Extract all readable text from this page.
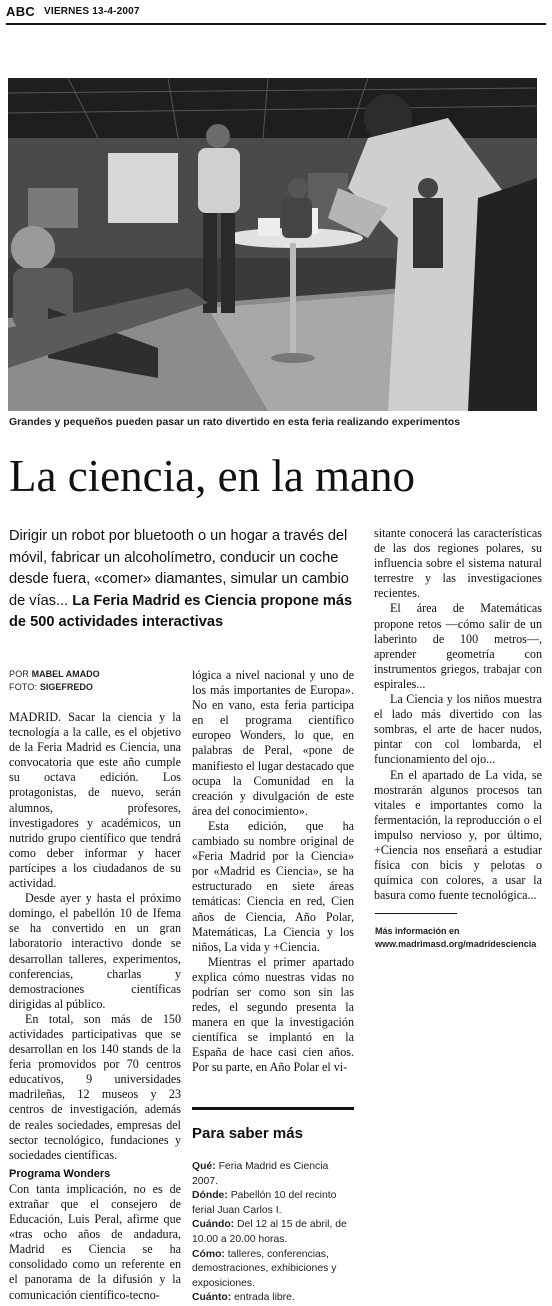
ABC VIERNES 13-4-2007
Grandes y pequeños pueden pasar un rato divertido en esta feria realizando experimentos
La ciencia, en la mano
Dirigir un robot por bluetooth o un hogar a través del móvil, fabricar un alcoholímetro, conducir un coche desde fuera, «comer» diamantes, simular un cambio de vías... La Feria Madrid es Ciencia propone más de 500 actividades interactivas
POR MABEL AMADO
FOTO: SIGEFREDO

MADRID. Sacar la ciencia y la tecnología a la calle, es el objetivo de la Feria Madrid es Ciencia, una convocatoria que este año cumple su octava edición. Los protagonistas, de nuevo, serán alumnos, profesores, investigadores y académicos, un nutrido grupo científico que tendrá como deber informar y hacer partícipes a los ciudadanos de su actividad.

Desde ayer y hasta el próximo domingo, el pabellón 10 de Ifema se ha convertido en un gran laboratorio interactivo donde se desarrollan talleres, experimentos, conferencias, charlas y demostraciones científicas dirigidas al público.

En total, son más de 150 actividades participativas que se desarrollan en los 140 stands de la feria promovidos por 70 centros educativos, 9 universidades madrileñas, 12 museos y 23 centros de investigación, además de reales sociedades, empresas del sector tecnológico, fundaciones y sociedades científicas.

Programa Wonders

Con tanta implicación, no es de extrañar que el consejero de Educación, Luis Peral, afirme que «tras ocho años de andadura, Madrid es Ciencia se ha consolidado como un referente en el panorama de la difusión y la comunicación científico-tecno-

lógica a nivel nacional y uno de los más importantes de Europa». No en vano, esta feria participa en el programa científico europeo Wonders, lo que, en palabras de Peral, «pone de manifiesto el lugar destacado que ocupa la Comunidad en la creación y divulgación de este área del conocimiento».

Esta edición, que ha cambiado su nombre original de «Feria Madrid por la Ciencia» por «Madrid es Ciencia», se ha estructurado en siete áreas temáticas: Ciencia en red, Cien años de Ciencia, Año Polar, Matemáticas, La Ciencia y los niños, La vida y +Ciencia.

Mientras el primer apartado explica cómo nuestras vidas no podrían ser como son sin las redes, el segundo presenta la manera en que la investigación científica se implantó en la España de hace casi cien años. Por su parte, en Año Polar el vi-

sitante conocerá las características de las dos regiones polares, su influencia sobre el sistema natural terrestre y las investigaciones recientes.

El área de Matemáticas propone retos —cómo salir de un laberinto de 100 metros—, aprender geometría con instrumentos griegos, trabajar con espirales...

La Ciencia y los niños muestra el lado más divertido con las sombras, el arte de hacer nudos, pintar con col lombarda, el funcionamiento del ojo...

En el apartado de La vida, se mostrarán algunos procesos tan vitales e importantes como la fermentación, la reproducción o el impulso nervioso y, por último, +Ciencia nos enseñará a estudiar física con bicis y pelotas o química con colores, a usar la basura como fuente tecnológica...

Más información en www.madrimasd.org/madridesciencia
Para saber más
Qué: Feria Madrid es Ciencia 2007.
Dónde: Pabellón 10 del recinto ferial Juan Carlos I.
Cuándo: Del 12 al 15 de abril, de 10.00 a 20.00 horas.
Cómo: talleres, conferencias, demostraciones, exhibiciones y exposiciones.
Cuánto: entrada libre.
